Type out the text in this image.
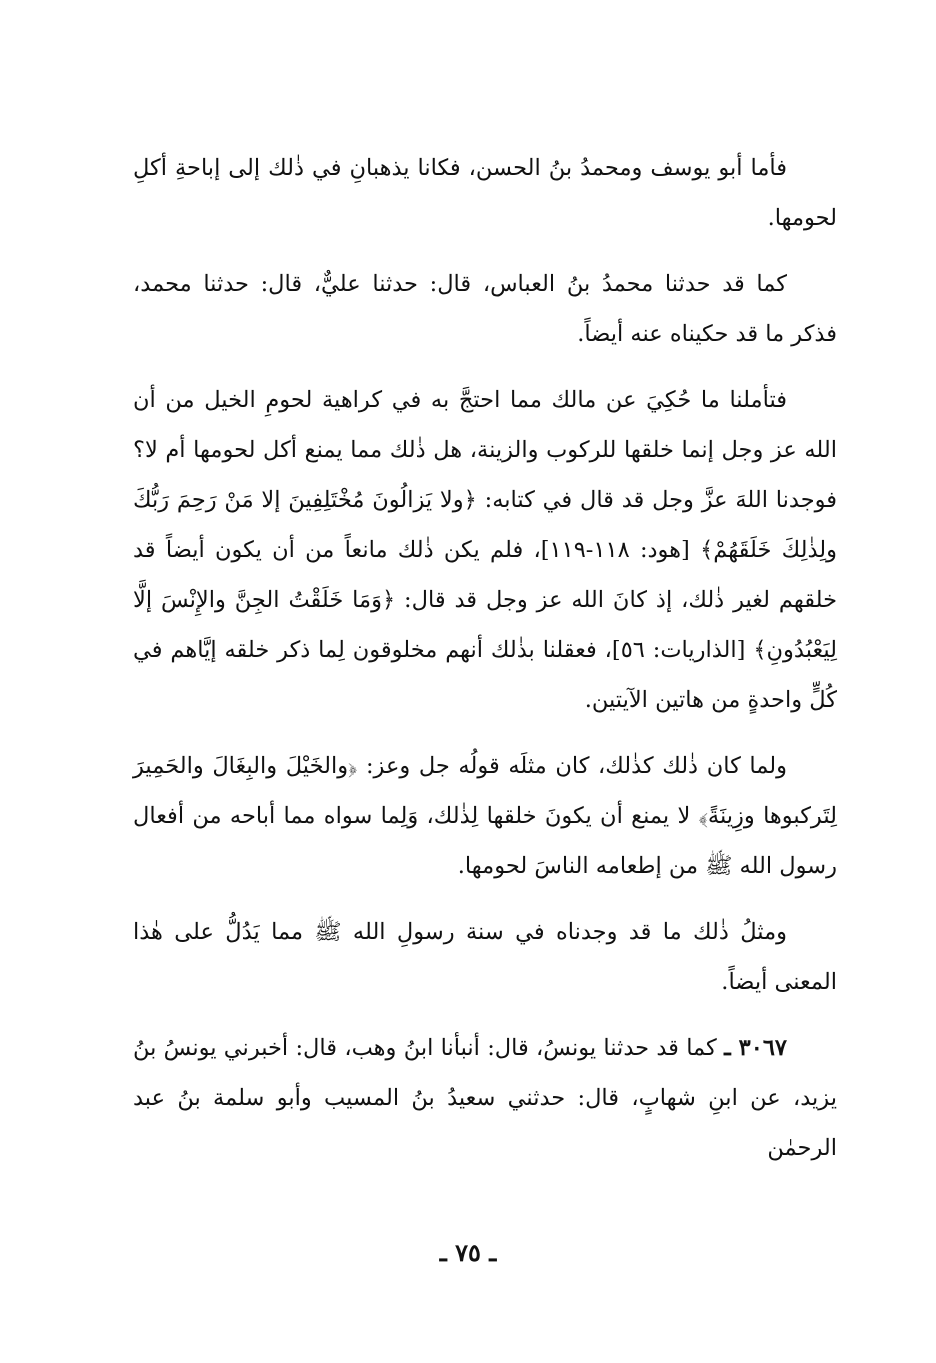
فأما أبو يوسف ومحمدُ بنُ الحسن، فكانا يذهبانِ في ذٰلك إلى إباحةِ أكلِ لحومها.

كما قد حدثنا محمدُ بنُ العباس، قال: حدثنا عليٌّ، قال: حدثنا محمد، فذكر ما قد حكيناه عنه أيضاً.

فتأملنا ما حُكِيَ عن مالك مما احتجَّ به في كراهية لحومِ الخيل من أن الله عز وجل إنما خلقها للركوب والزينة، هل ذٰلك مما يمنع أكل لحومها أم لا؟ فوجدنا اللهَ عزَّ وجل قد قال في كتابه: ﴿ولا يَزالُونَ مُخْتَلِفِينَ إلا مَنْ رَحِمَ رَبُّكَ ولِذٰلِكَ خَلَقَهُمْ﴾ [هود: ١١٨-١١٩]، فلم يكن ذٰلك مانعاً من أن يكون أيضاً قد خلقهم لغير ذٰلك، إذ كانَ الله عز وجل قد قال: ﴿وَمَا خَلَقْتُ الجِنَّ والإِنْسَ إلَّا لِيَعْبُدُونِ﴾ [الذاريات: ٥٦]، فعقلنا بذٰلك أنهم مخلوقون لِما ذكر خلقه إيَّاهم في كُلٍّ واحدةٍ من هاتين الآيتين.

ولما كان ذٰلك كذٰلك، كان مثلَه قولُه جل وعز: ﴿والخَيْلَ والبِغَالَ والحَمِيرَ لِتَركبوها وزِينَةً﴾ لا يمنع أن يكونَ خلقها لِذٰلك، وَلِما سواه مما أباحه من أفعال رسول الله ﷺ من إطعامه الناسَ لحومها.

ومثلُ ذٰلك ما قد وجدناه في سنة رسولِ الله ﷺ مما يَدُلُّ على هٰذا المعنى أيضاً.

٣٠٦٧ ـ كما قد حدثنا يونسُ، قال: أنبأنا ابنُ وهب، قال: أخبرني يونسُ بنُ يزيد، عن ابنِ شهابٍ، قال: حدثني سعيدُ بنُ المسيب وأبو سلمة بنُ عبد الرحمٰن

ـ ٧٥ ـ
